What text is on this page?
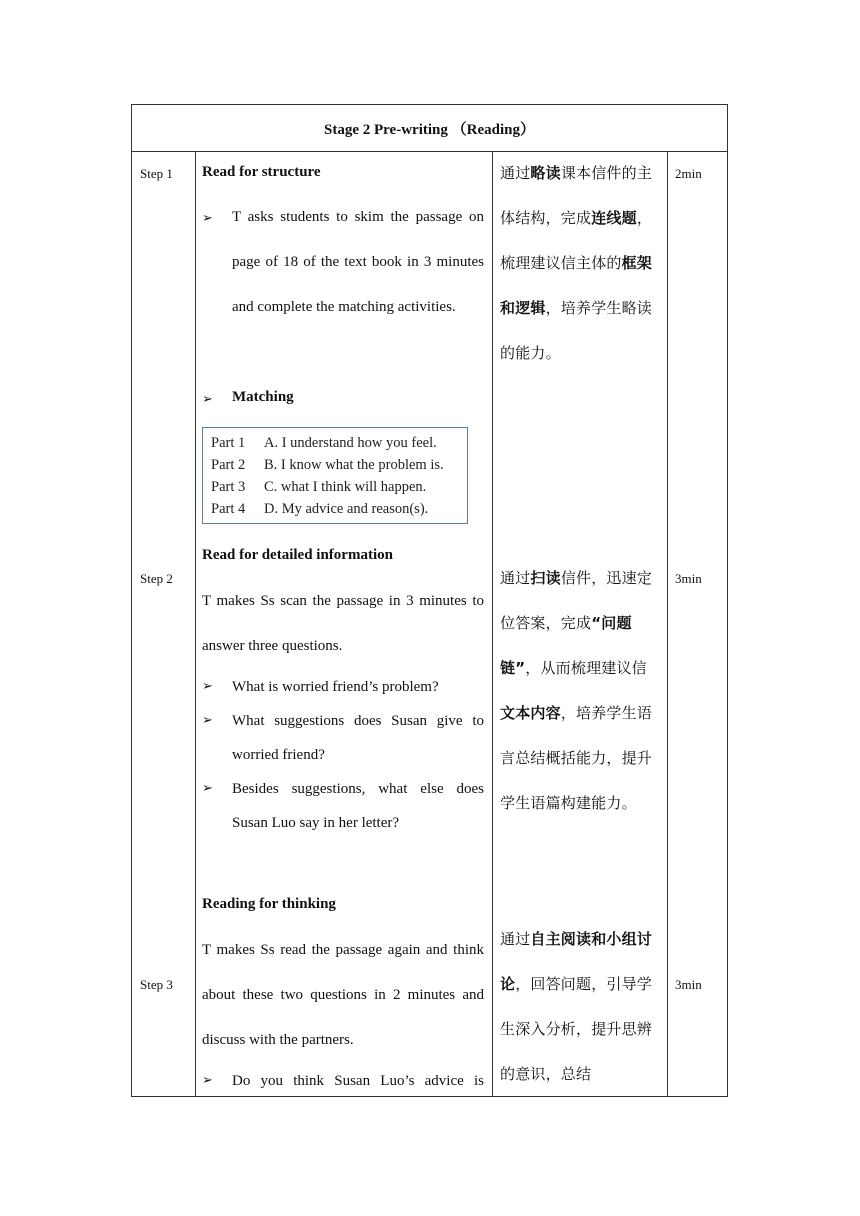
Stage 2 Pre-writing （Reading）
Step 1
Step 2
Step 3
2min
3min
3min
Read for structure
➢ T asks students to skim the passage on page of 18 of the text book in 3 minutes and complete the matching activities.
➢ Matching
Part 1 A. I understand how you feel.
Part 2 B. I know what the problem is.
Part 3 C. what I think will happen.
Part 4 D. My advice and reason(s).
通过略读课本信件的主体结构，完成连线题，梳理建议信主体的框架和逻辑，培养学生略读的能力。
Read for detailed information
T makes Ss scan the passage in 3 minutes to answer three questions.
➢ What is worried friend’s problem?
➢ What suggestions does Susan give to worried friend?
➢ Besides suggestions, what else does Susan Luo say in her letter?
通过扫读信件，迅速定位答案，完成“问题链”，从而梳理建议信文本内容，培养学生语言总结概括能力，提升学生语篇构建能力。
Reading for thinking
T makes Ss read the passage again and think about these two questions in 2 minutes and discuss with the partners.
➢ Do you think Susan Luo’s advice is
通过自主阅读和小组讨论，回答问题，引导学生深入分析，提升思辨的意识，总结
